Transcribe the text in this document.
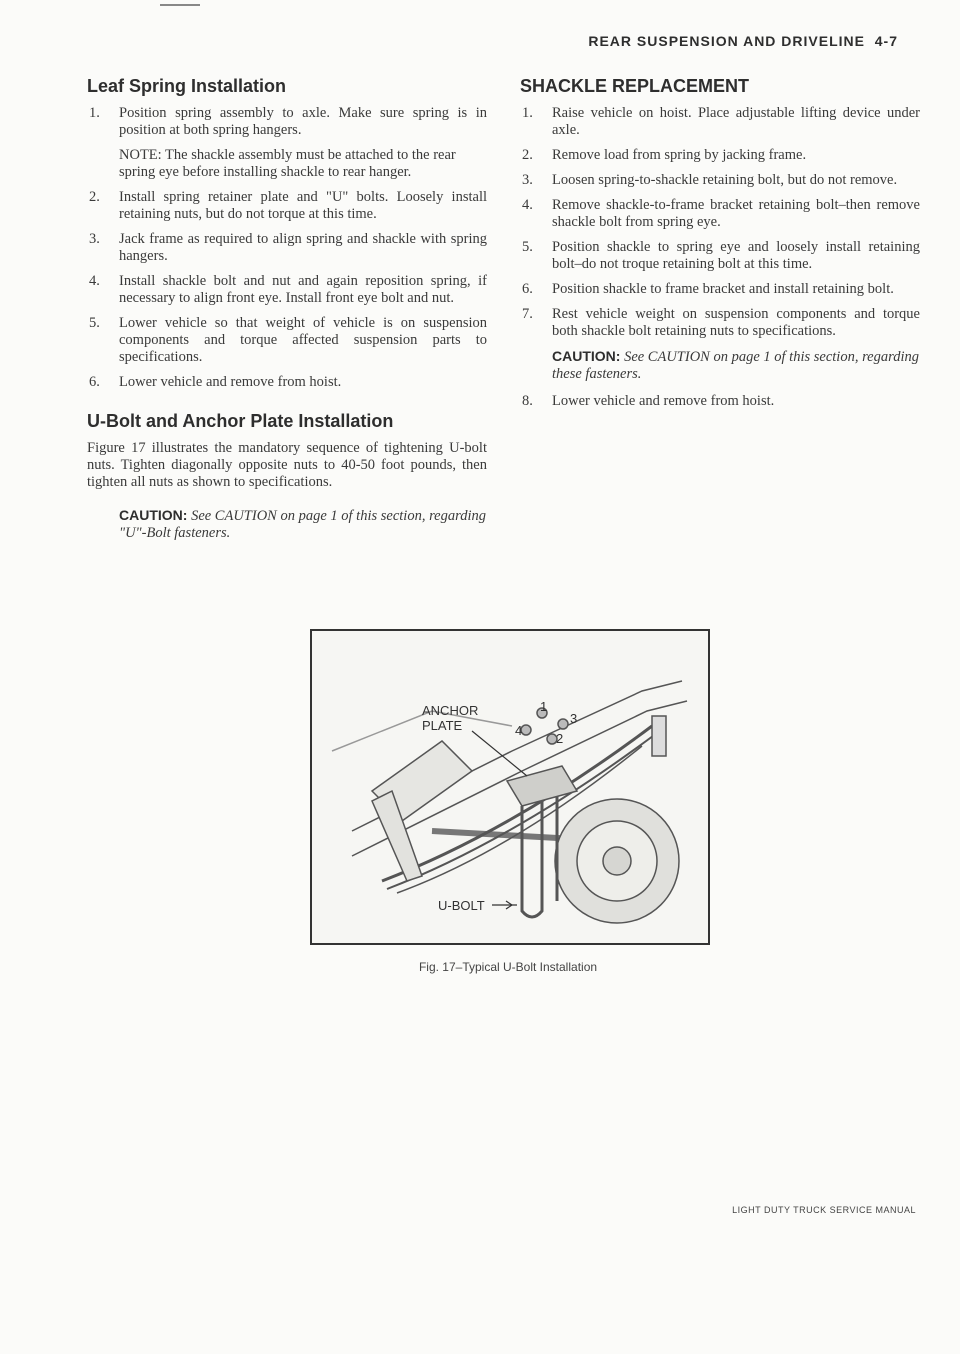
REAR SUSPENSION AND DRIVELINE 4-7
Leaf Spring Installation
1. Position spring assembly to axle. Make sure spring is in position at both spring hangers.
NOTE: The shackle assembly must be attached to the rear spring eye before installing shackle to rear hanger.
2. Install spring retainer plate and "U" bolts. Loosely install retaining nuts, but do not torque at this time.
3. Jack frame as required to align spring and shackle with spring hangers.
4. Install shackle bolt and nut and again reposition spring, if necessary to align front eye. Install front eye bolt and nut.
5. Lower vehicle so that weight of vehicle is on suspension components and torque affected suspension parts to specifications.
6. Lower vehicle and remove from hoist.
U-Bolt and Anchor Plate Installation

Figure 17 illustrates the mandatory sequence of tightening U-bolt nuts. Tighten diagonally opposite nuts to 40-50 foot pounds, then tighten all nuts as shown to specifications.

CAUTION: See CAUTION on page 1 of this section, regarding "U"-Bolt fasteners.
SHACKLE REPLACEMENT
1. Raise vehicle on hoist. Place adjustable lifting device under axle.
2. Remove load from spring by jacking frame.
3. Loosen spring-to-shackle retaining bolt, but do not remove.
4. Remove shackle-to-frame bracket retaining bolt–then remove shackle bolt from spring eye.
5. Position shackle to spring eye and loosely install retaining bolt–do not troque retaining bolt at this time.
6. Position shackle to frame bracket and install retaining bolt.
7. Rest vehicle weight on suspension components and torque both shackle bolt retaining nuts to specifications.
CAUTION: See CAUTION on page 1 of this section, regarding these fasteners.
8. Lower vehicle and remove from hoist.
ANCHOR
PLATE
1
3
4
2
U-BOLT
Fig. 17–Typical U-Bolt Installation
LIGHT DUTY TRUCK SERVICE MANUAL
